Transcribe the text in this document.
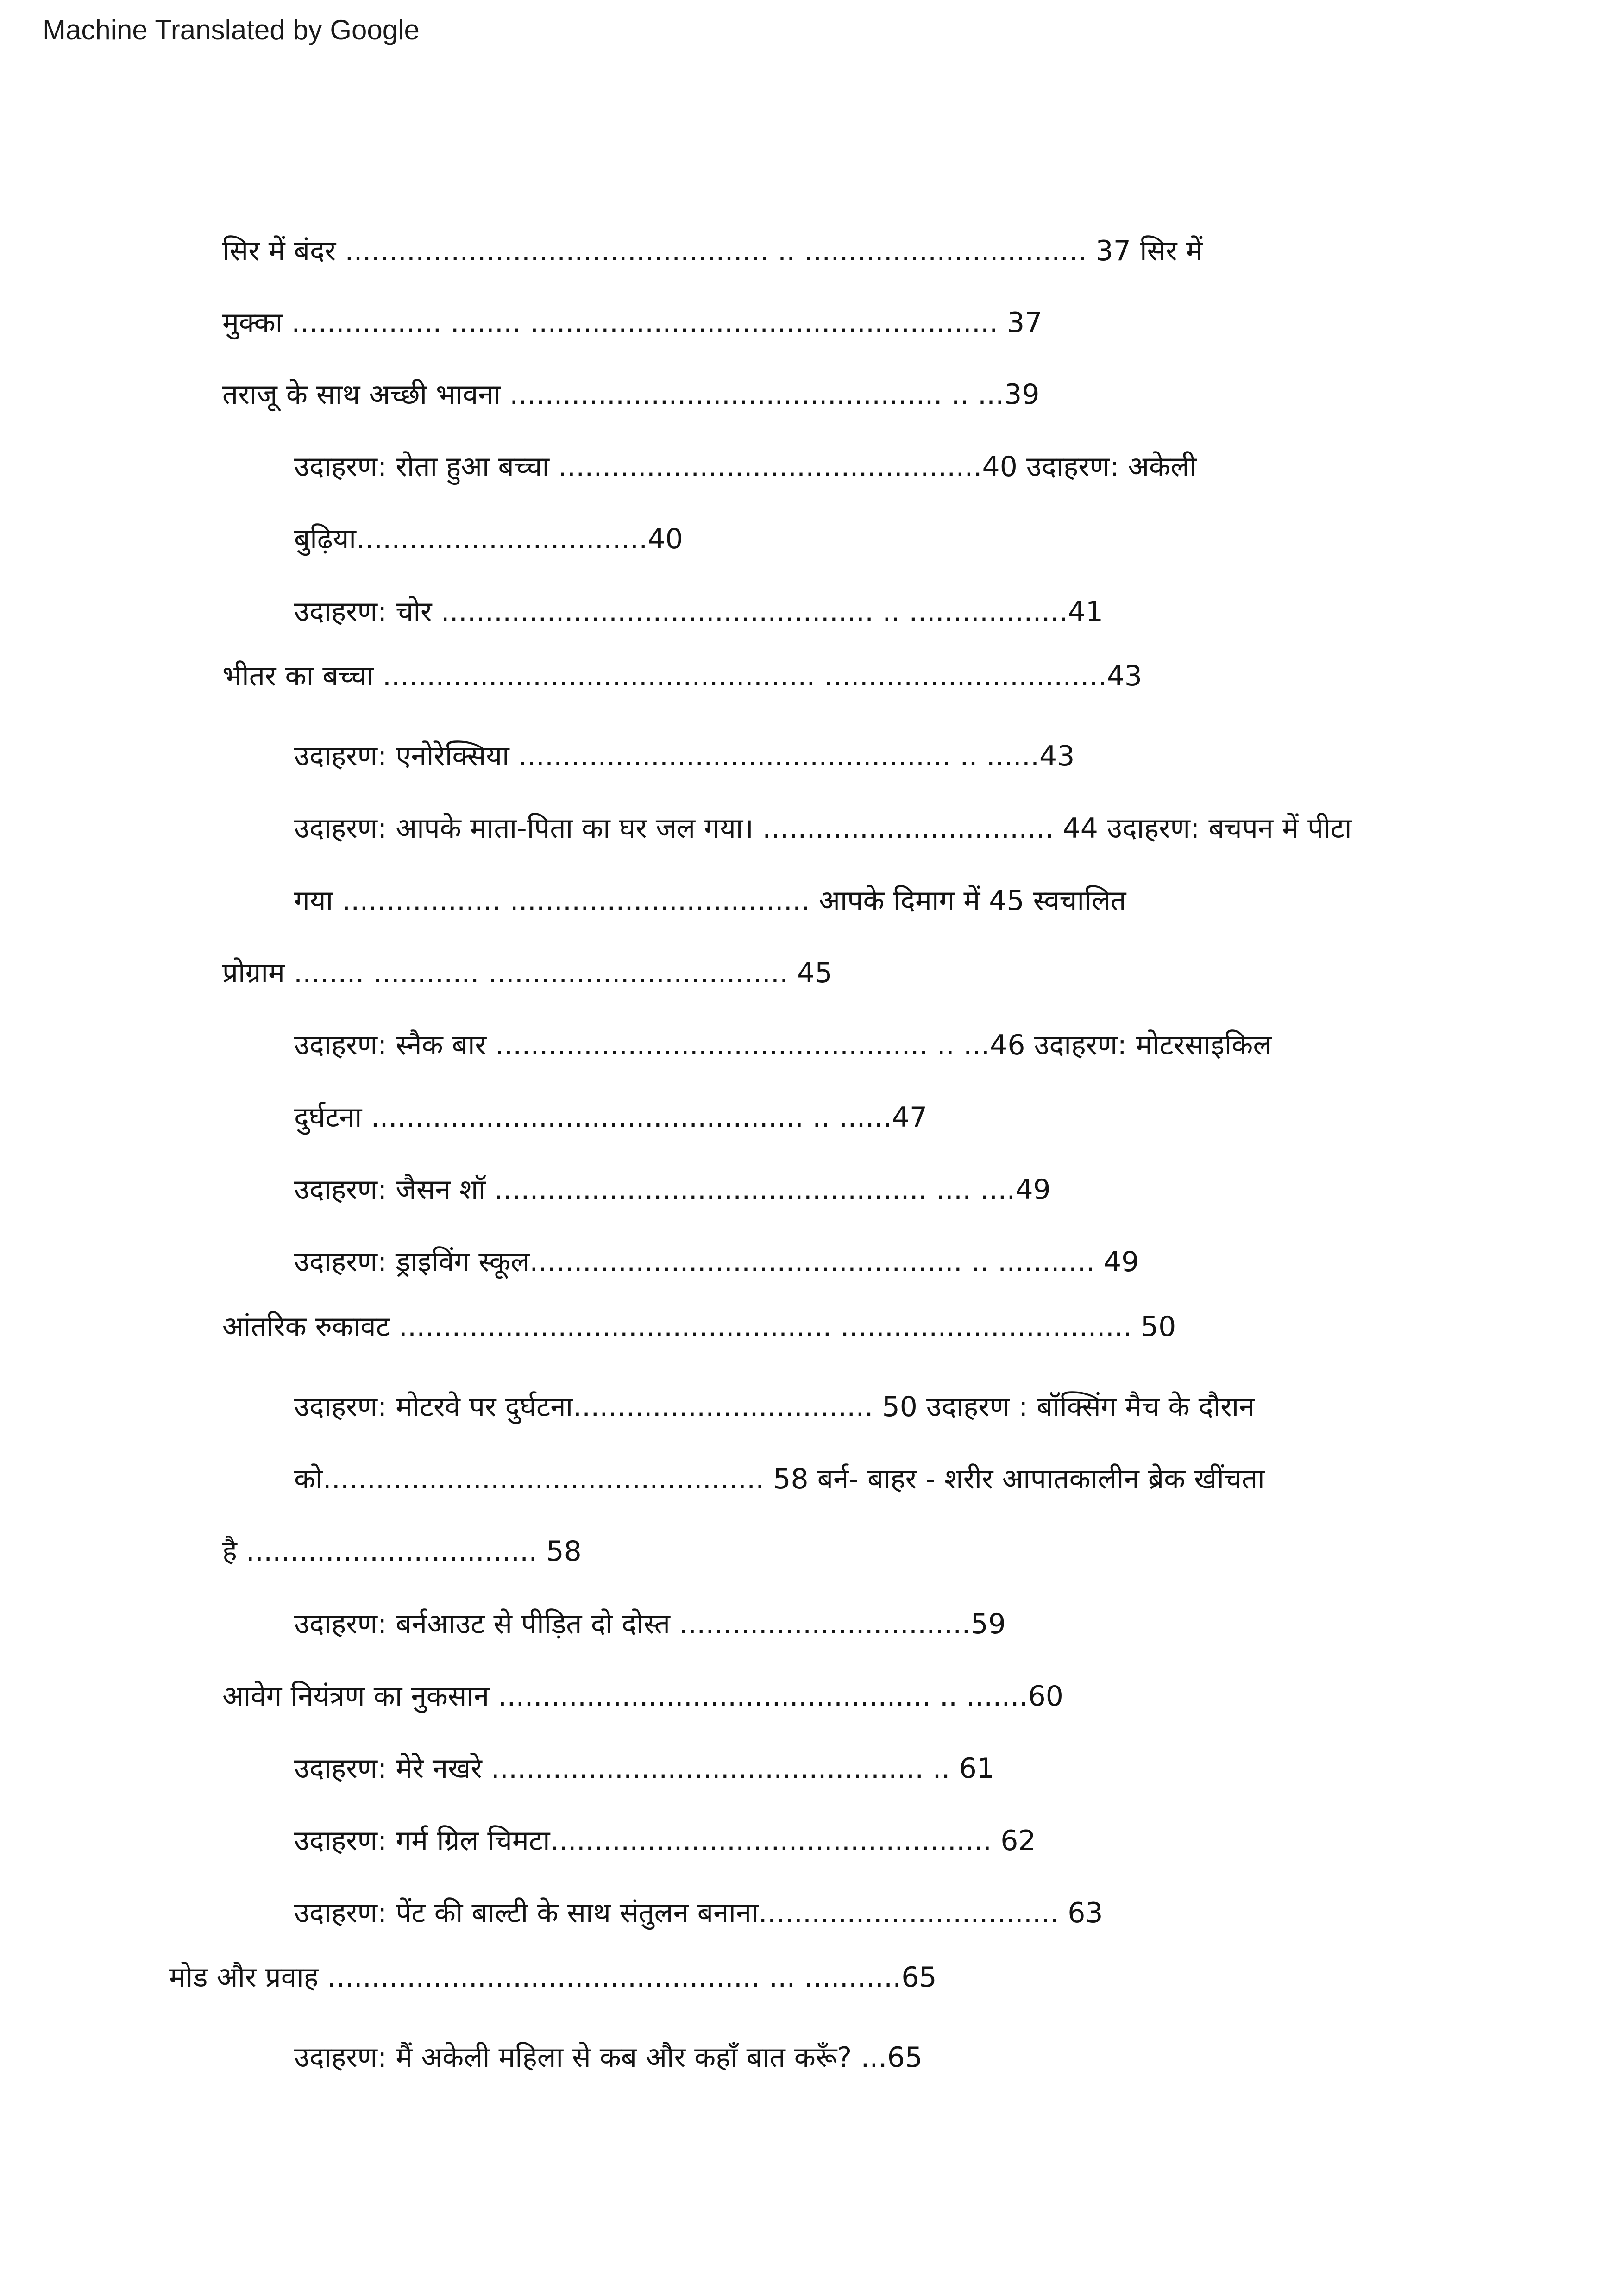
Machine Translated by Google
सिर में बंदर ................................................ .. ................................ 37 सिर में
मुक्का ................. ........ ..................................................... 37
तराजू के साथ अच्छी भावना ................................................. .. ...39
उदाहरण: रोता हुआ बच्चा ................................................40 उदाहरण: अकेली
बुढ़िया.................................40
उदाहरण: चोर ................................................. .. ..................41
भीतर का बच्चा ................................................. ................................43
उदाहरण: एनोरेक्सिया ................................................. .. ......43
उदाहरण: आपके माता-पिता का घर जल गया। ................................. 44 उदाहरण: बचपन में पीटा
गया .................. .................................. आपके दिमाग में 45 स्वचालित
प्रोग्राम ........ ............ .................................. 45
उदाहरण: स्नैक बार ................................................. .. ...46 उदाहरण: मोटरसाइकिल
दुर्घटना ................................................. .. ......47
उदाहरण: जैसन शॉ ................................................. .... ....49
उदाहरण: ड्राइविंग स्कूल................................................. .. ........... 49
आंतरिक रुकावट ................................................. ................................. 50
उदाहरण: मोटरवे पर दुर्घटना.................................. 50 उदाहरण : बॉक्सिंग मैच के दौरान
को.................................................. 58 बर्न- बाहर - शरीर आपातकालीन ब्रेक खींचता
है ................................. 58
उदाहरण: बर्नआउट से पीड़ित दो दोस्त .................................59
आवेग नियंत्रण का नुकसान ................................................. .. .......60
उदाहरण: मेरे नखरे ................................................. .. 61
उदाहरण: गर्म ग्रिल चिमटा.................................................. 62
उदाहरण: पेंट की बाल्टी के साथ संतुलन बनाना.................................. 63
मोड और प्रवाह ................................................. ... ...........65
उदाहरण: मैं अकेली महिला से कब और कहाँ बात करूँ? ...65
